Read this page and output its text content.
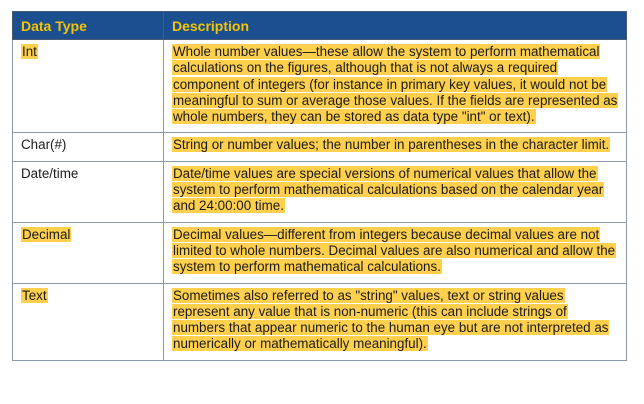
Data Type	Description
Int	Whole number values—these allow the system to perform mathematical calculations on the figures, although that is not always a required component of integers (for instance in primary key values, it would not be meaningful to sum or average those values. If the fields are represented as whole numbers, they can be stored as data type "int" or text).
Char(#)	String or number values; the number in parentheses in the character limit.
Date/time	Date/time values are special versions of numerical values that allow the system to perform mathematical calculations based on the calendar year and 24:00:00 time.
Decimal	Decimal values—different from integers because decimal values are not limited to whole numbers. Decimal values are also numerical and allow the system to perform mathematical calculations.
Text	Sometimes also referred to as "string" values, text or string values represent any value that is non-numeric (this can include strings of numbers that appear numeric to the human eye but are not interpreted as numerically or mathematically meaningful).
